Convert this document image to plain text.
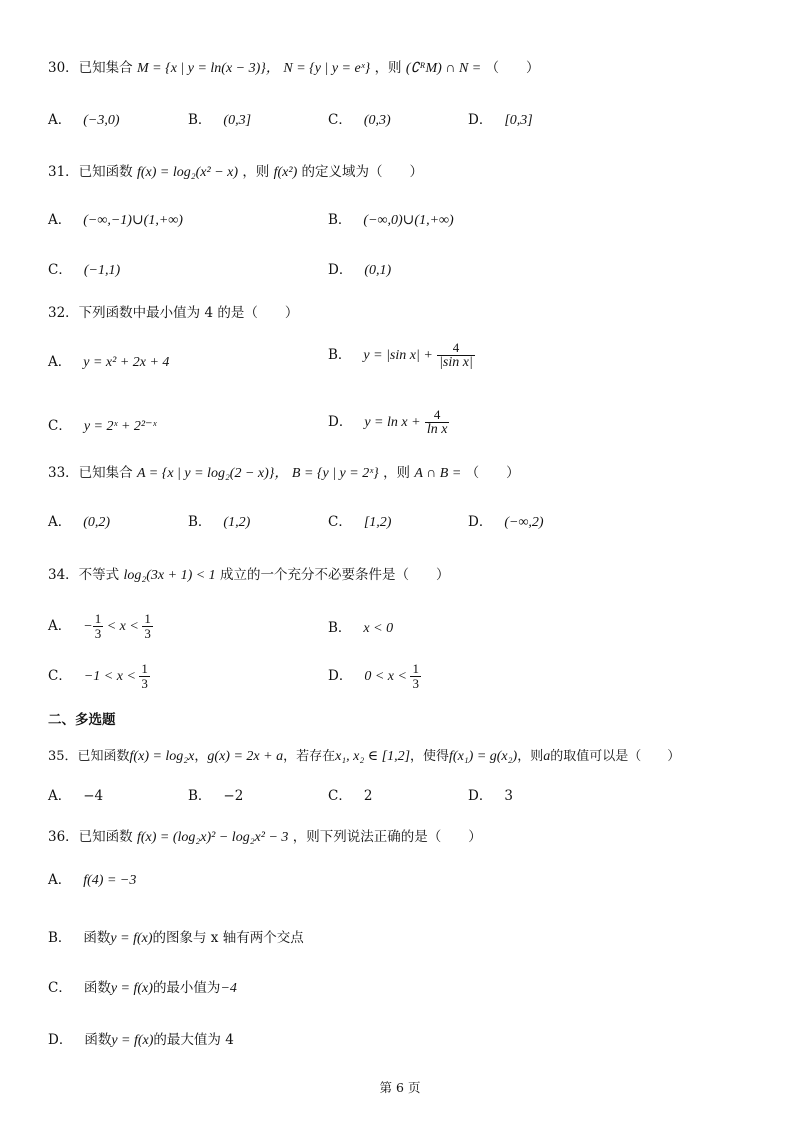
30．已知集合 M = {x | y = ln(x − 3)}， N = {y | y = eˣ} ，则 (∁ᴿM) ∩ N = （　　）
A． (−3,0)	B． (0,3]	C． (0,3)	D． [0,3]
31．已知函数 f(x) = log₂(x² − x) ，则 f(x²) 的定义域为（　　）
A． (−∞,−1)∪(1,+∞)	B． (−∞,0)∪(1,+∞)
C． (−1,1)	D． (0,1)
32．下列函数中最小值为 4 的是（　　）
A． y = x² + 2x + 4	B． y = |sin $x| + \frac{4}{\text{|sin x|}}$
C． y = 2ˣ + 2²⁻ˣ	D． $y = \ln x + \frac{4}{\text{ln x}}$
33．已知集合 A = {x | y = log₂(2 − x)}， B = {y | y = 2ˣ} ，则 A ∩ B = （　　）
A． (0,2)	B． (1,2)	C． [1,2)	D． (−∞,2)
34．不等式 log₂(3x + 1) < 1 成立的一个充分不必要条件是（　　）
A． − $\frac{1}{3} < x < \frac{1}{3}$	B． x < 0
C． $-1 < x < \frac{1}{3}$	D． $0 < x < \frac{1}{3}$
二、多选题
35．已知函数f(x) = log₂x，g(x) = 2x + a，若存在x₁, x₂ ∈ [1,2]，使得f(x₁) = g(x₂)，则a的取值可以是（　　）
A． −4	B． −2	C． 2	D． 3
36．已知函数 f(x) = (log₂x)² − log₂x² − 3 ，则下列说法正确的是（　　）
A． f(4) = −3
B． 函数y = f(x)的图象与 x 轴有两个交点
C． 函数y = f(x)的最小值为−4
D． 函数y = f(x)的最大值为 4
第 6 页
